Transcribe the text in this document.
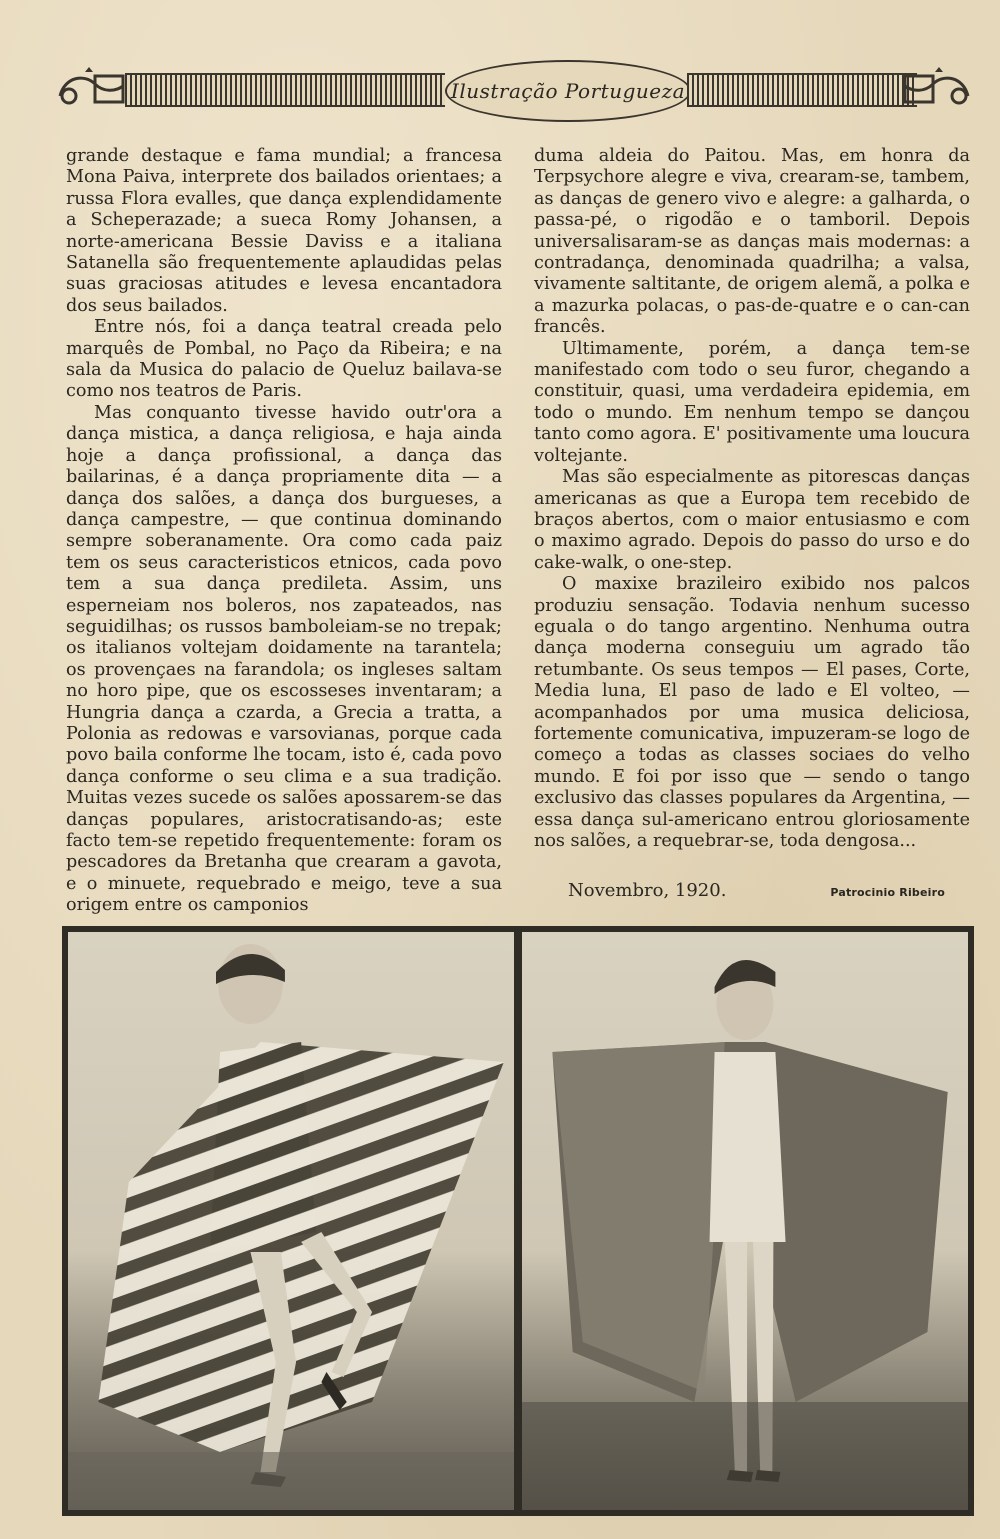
Ilustração Portugueza

grande destaque e fama mundial; a francesa Mona Paiva, interprete dos bailados orientaes; a russa Flora evalles, que dança explendidamente a Scheperazade; a sueca Romy Johansen, a norte-americana Bessie Daviss e a italiana Satanella são frequentemente aplaudidas pelas suas graciosas atitudes e levesa encantadora dos seus bailados.

Entre nós, foi a dança teatral creada pelo marquês de Pombal, no Paço da Ribeira; e na sala da Musica do palacio de Queluz bailava-se como nos teatros de Paris.

Mas conquanto tivesse havido outr'ora a dança mistica, a dança religiosa, e haja ainda hoje a dança profissional, a dança das bailarinas, é a dança propriamente dita — a dança dos salões, a dança dos burgueses, a dança campestre, — que continua dominando sempre soberanamente. Ora como cada paiz tem os seus caracteristicos etnicos, cada povo tem a sua dança predileta. Assim, uns esperneiam nos boleros, nos zapateados, nas seguidilhas; os russos bamboleiam-se no trepak; os italianos voltejam doidamente na tarantela; os provençaes na farandola; os ingleses saltam no horo pipe, que os escosseses inventaram; a Hungria dança a czarda, a Grecia a tratta, a Polonia as redowas e varsovianas, porque cada povo baila conforme lhe tocam, isto é, cada povo dança conforme o seu clima e a sua tradição. Muitas vezes sucede os salões apossarem-se das danças populares, aristocratisando-as; este facto tem-se repetido frequentemente: foram os pescadores da Bretanha que crearam a gavota, e o minuete, requebrado e meigo, teve a sua origem entre os camponios

duma aldeia do Paitou. Mas, em honra da Terpsychore alegre e viva, crearam-se, tambem, as danças de genero vivo e alegre: a galharda, o passa-pé, o rigodão e o tamboril. Depois universalisaram-se as danças mais modernas: a contradança, denominada quadrilha; a valsa, vivamente saltitante, de origem alemã, a polka e a mazurka polacas, o pas-de-quatre e o can-can francês.

Ultimamente, porém, a dança tem-se manifestado com todo o seu furor, chegando a constituir, quasi, uma verdadeira epidemia, em todo o mundo. Em nenhum tempo se dançou tanto como agora. E' positivamente uma loucura voltejante.

Mas são especialmente as pitorescas danças americanas as que a Europa tem recebido de braços abertos, com o maior entusiasmo e com o maximo agrado. Depois do passo do urso e do cake-walk, o one-step.

O maxixe brazileiro exibido nos palcos produziu sensação. Todavia nenhum sucesso eguala o do tango argentino. Nenhuma outra dança moderna conseguiu um agrado tão retumbante. Os seus tempos — El pases, Corte, Media luna, El paso de lado e El volteo, — acompanhados por uma musica deliciosa, fortemente comunicativa, impuzeram-se logo de começo a todas as classes sociaes do velho mundo. E foi por isso que — sendo o tango exclusivo das classes populares da Argentina, — essa dança sul-americano entrou gloriosamente nos salões, a requebrar-se, toda dengosa...

Novembro, 1920.	Patrocinio Ribeiro
